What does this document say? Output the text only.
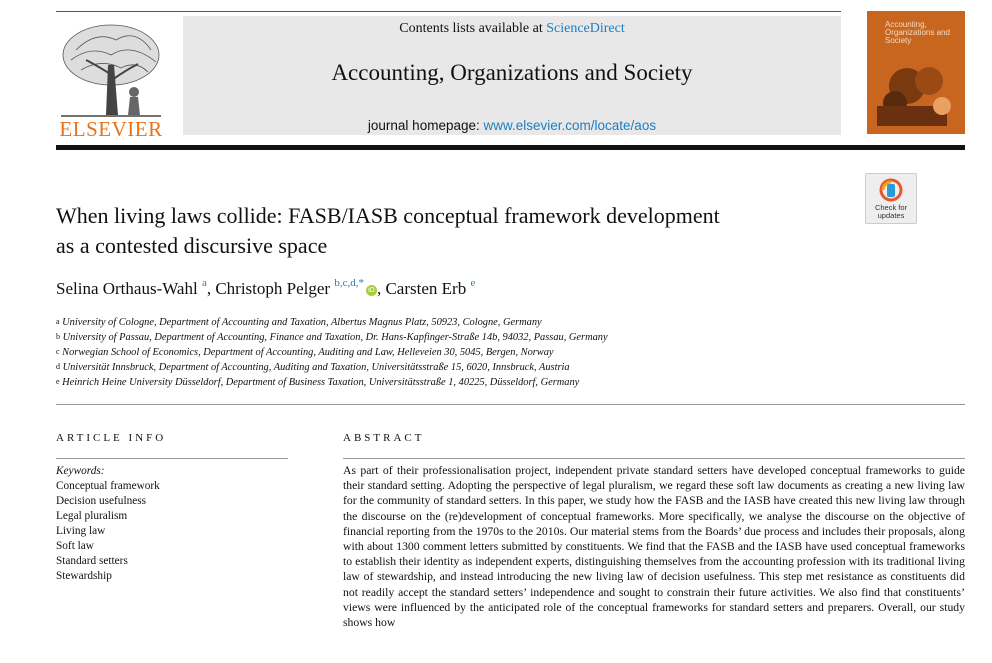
ELSEVIER
Contents lists available at ScienceDirect
Accounting, Organizations and Society
journal homepage: www.elsevier.com/locate/aos
Accounting, Organizations and Society
Check for
updates
When living laws collide: FASB/IASB conceptual framework development
as a contested discursive space
Selina Orthaus-Wahl $^a$, Christoph Pelger $^{b,c,d,*}$iD , Carsten Erb $^e$
$^a$ University of Cologne, Department of Accounting and Taxation, Albertus Magnus Platz, 50923, Cologne, Germany
$^b$ University of Passau, Department of Accounting, Finance and Taxation, Dr. Hans-Kapfinger-Straße 14b, 94032, Passau, Germany
$^c$ Norwegian School of Economics, Department of Accounting, Auditing and Law, Helleveien 30, 5045, Bergen, Norway
$^d$ Universität Innsbruck, Department of Accounting, Auditing and Taxation, Universitätsstraße 15, 6020, Innsbruck, Austria
$^e$ Heinrich Heine University Düsseldorf, Department of Business Taxation, Universitätsstraße 1, 40225, Düsseldorf, Germany
ARTICLE INFO
Keywords:
Conceptual framework
Decision usefulness
Legal pluralism
Living law
Soft law
Standard setters
Stewardship
ABSTRACT
As part of their professionalisation project, independent private standard setters have developed conceptual frameworks to guide their standard setting. Adopting the perspective of legal pluralism, we regard these soft law documents as creating a new living law for the community of standard setters. In this paper, we study how the FASB and the IASB have created this new living law through the discourse on the (re)development of conceptual frameworks. More specifically, we analyse the discourse on the objective of financial reporting from the 1970s to the 2010s. Our material stems from the Boards’ due process and includes their proposals, along with about 1300 comment letters submitted by constituents. We find that the FASB and the IASB have used conceptual frameworks to establish their identity as independent experts, distinguishing themselves from the accounting profession with its traditional living law of stewardship, and instead introducing the new living law of decision usefulness. This step met resistance as constituents did not readily accept the standard setters’ independence and sought to constrain their future activities. We also find that constituents’ views were influenced by the anticipated role of the conceptual frameworks for standard setters and preparers. Overall, our study shows how
